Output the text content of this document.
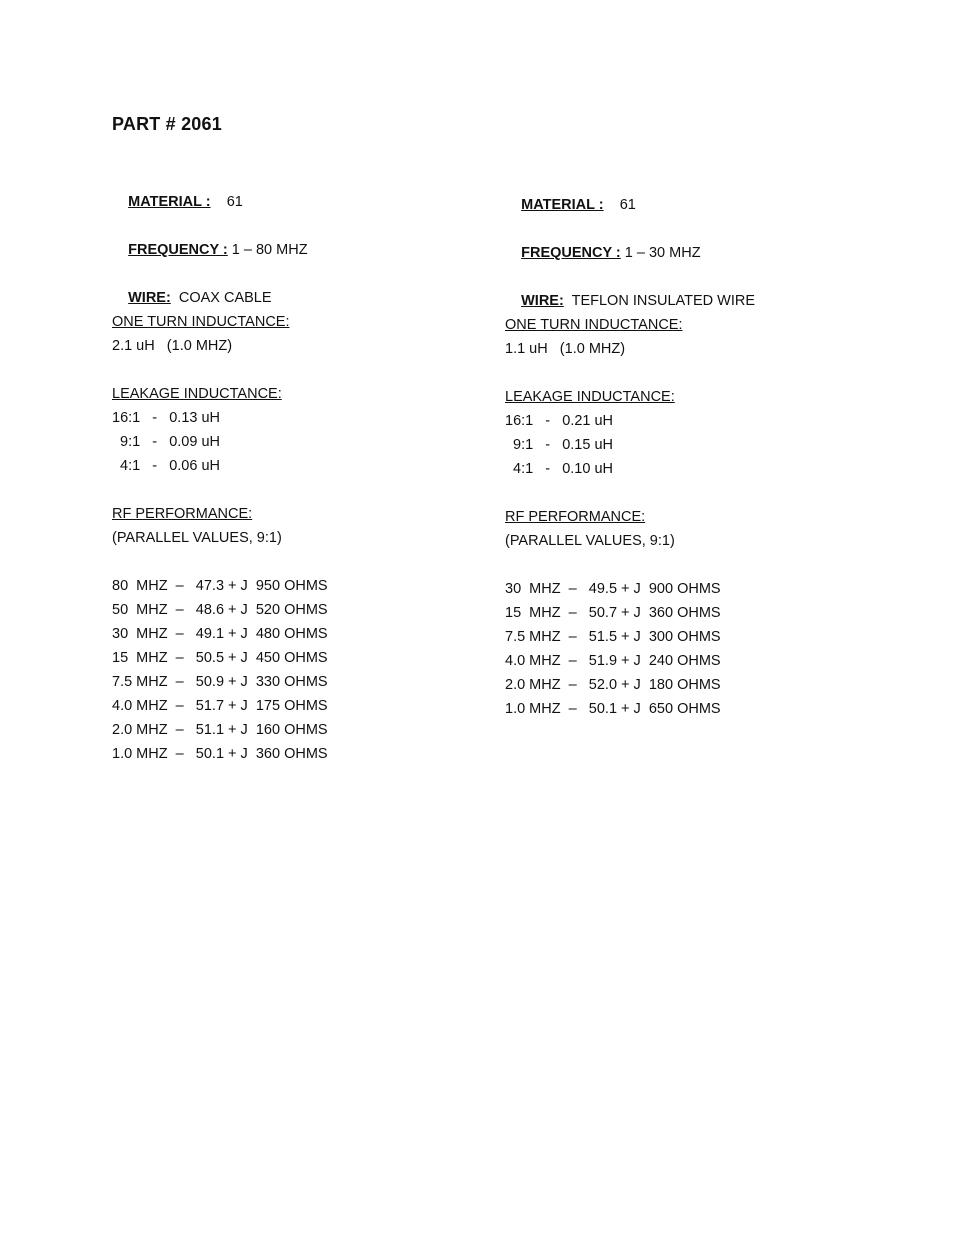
PART # 2061

MATERIAL : 61

FREQUENCY : 1 – 80 MHZ

WIRE: COAX CABLE

ONE TURN INDUCTANCE:
2.1 uH   (1.0 MHZ)
LEAKAGE INDUCTANCE:
16:1   -   0.13 uH
9:1   -   0.09 uH
4:1   -   0.06 uH
RF PERFORMANCE:
(PARALLEL VALUES, 9:1)
80  MHZ  –   47.3 + J  950 OHMS
50  MHZ  –   48.6 + J  520 OHMS
30  MHZ  –   49.1 + J  480 OHMS
15  MHZ  –   50.5 + J  450 OHMS
7.5 MHZ  –   50.9 + J  330 OHMS
4.0 MHZ  –   51.7 + J  175 OHMS
2.0 MHZ  –   51.1 + J  160 OHMS
1.0 MHZ  –   50.1 + J  360 OHMS

MATERIAL : 61

FREQUENCY : 1 – 30 MHZ

WIRE: TEFLON INSULATED WIRE

ONE TURN INDUCTANCE:
1.1 uH   (1.0 MHZ)
LEAKAGE INDUCTANCE:
16:1   -   0.21 uH
9:1   -   0.15 uH
4:1   -   0.10 uH
RF PERFORMANCE:
(PARALLEL VALUES, 9:1)
30  MHZ  –   49.5 + J  900 OHMS
15  MHZ  –   50.7 + J  360 OHMS
7.5 MHZ  –   51.5 + J  300 OHMS
4.0 MHZ  –   51.9 + J  240 OHMS
2.0 MHZ  –   52.0 + J  180 OHMS
1.0 MHZ  –   50.1 + J  650 OHMS
